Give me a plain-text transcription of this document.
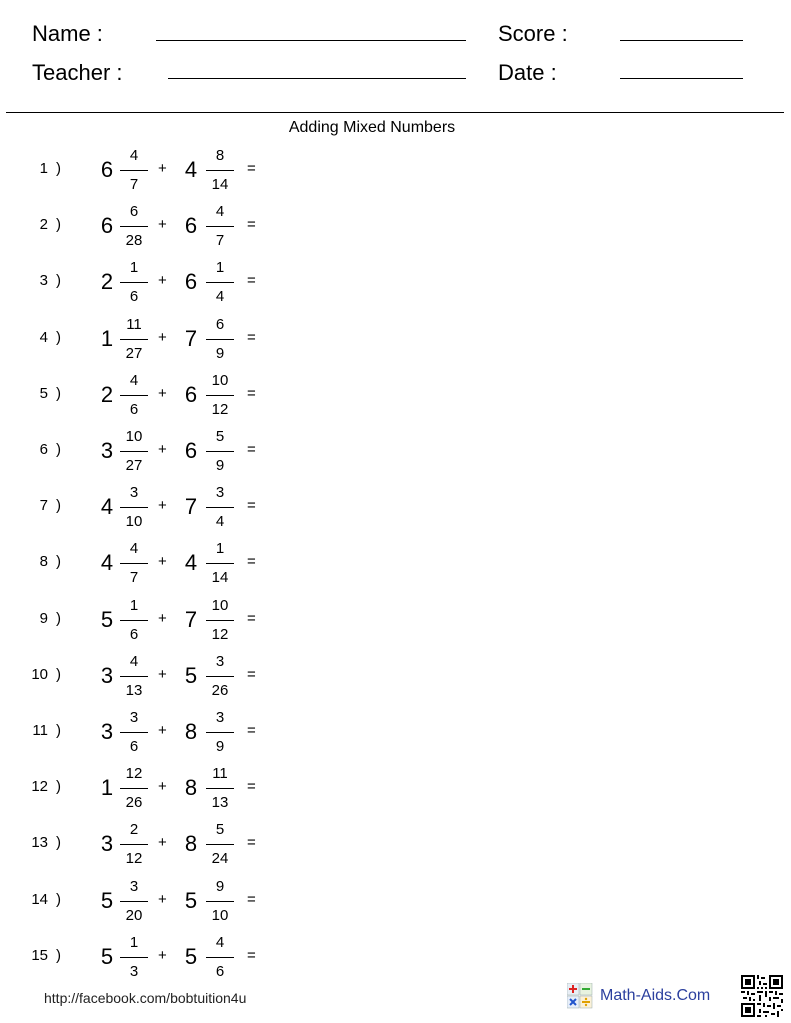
Name :
Teacher :
Score :
Date :
Adding Mixed Numbers
1 ) 6
4
7
+ 4
8
14
=
2 ) 6
6
28
+ 6
4
7
=
3 ) 2
1
6
+ 6
1
4
=
4 ) 1
11
27
+ 7
6
9
=
5 ) 2
4
6
+ 6
10
12
=
6 ) 3
10
27
+ 6
5
9
=
7 ) 4
3
10
+ 7
3
4
=
8 ) 4
4
7
+ 4
1
14
=
9 ) 5
1
6
+ 7
10
12
=
10 ) 3
4
13
+ 5
3
26
=
11 ) 3
3
6
+ 8
3
9
=
12 ) 1
12
26
+ 8
11
13
=
13 ) 3
2
12
+ 8
5
24
=
14 ) 5
3
20
+ 5
9
10
=
15 ) 5
1
3
+ 5
4
6
=
http://facebook.com/bobtuition4u	Math-Aids.Com
